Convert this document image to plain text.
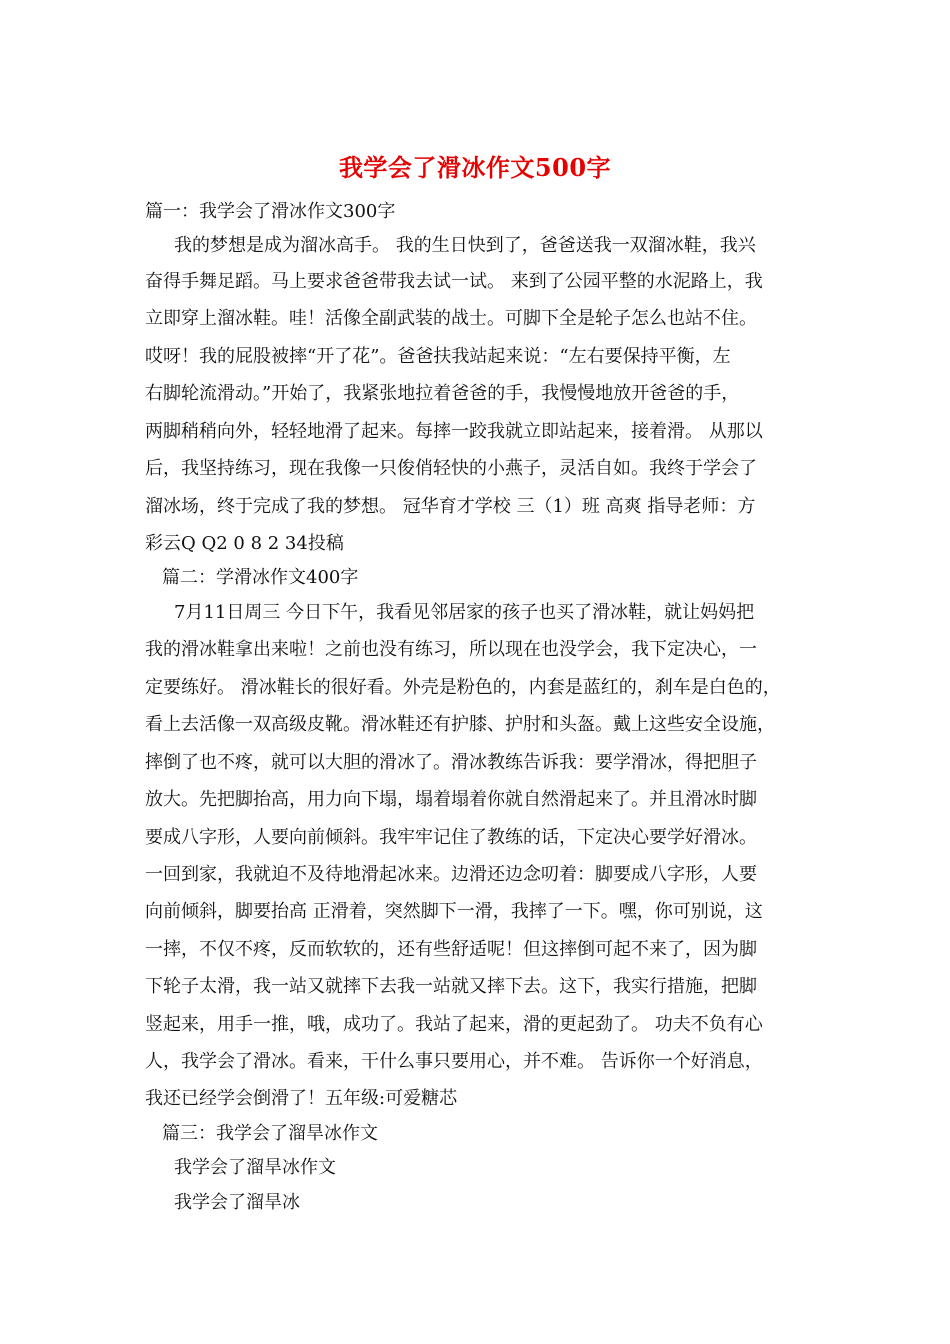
我学会了滑冰作文500字
篇一：我学会了滑冰作文300字
我的梦想是成为溜冰高手。 我的生日快到了，爸爸送我一双溜冰鞋，我兴
奋得手舞足蹈。马上要求爸爸带我去试一试。 来到了公园平整的水泥路上，我
立即穿上溜冰鞋。哇！活像全副武装的战士。可脚下全是轮子怎么也站不住。
哎呀！我的屁股被摔“开了花”。爸爸扶我站起来说：“左右要保持平衡，左
右脚轮流滑动。”开始了，我紧张地拉着爸爸的手，我慢慢地放开爸爸的手，
两脚稍稍向外，轻轻地滑了起来。每摔一跤我就立即站起来，接着滑。 从那以
后，我坚持练习，现在我像一只俊俏轻快的小燕子，灵活自如。我终于学会了
溜冰场，终于完成了我的梦想。 冠华育才学校 三（1）班 高爽 指导老师：方
彩云Q Q2 0 8 2 34投稿
篇二：学滑冰作文400字
7月11日周三 今日下午，我看见邻居家的孩子也买了滑冰鞋，就让妈妈把
我的滑冰鞋拿出来啦！之前也没有练习，所以现在也没学会，我下定决心，一
定要练好。 滑冰鞋长的很好看。外壳是粉色的，内套是蓝红的，刹车是白色的，
看上去活像一双高级皮靴。滑冰鞋还有护膝、护肘和头盔。戴上这些安全设施，
摔倒了也不疼，就可以大胆的滑冰了。滑冰教练告诉我：要学滑冰，得把胆子
放大。先把脚抬高，用力向下塌，塌着塌着你就自然滑起来了。并且滑冰时脚
要成八字形，人要向前倾斜。我牢牢记住了教练的话，下定决心要学好滑冰。
一回到家，我就迫不及待地滑起冰来。边滑还边念叨着：脚要成八字形，人要
向前倾斜，脚要抬高 正滑着，突然脚下一滑，我摔了一下。嘿，你可别说，这
一摔，不仅不疼，反而软软的，还有些舒适呢！但这摔倒可起不来了，因为脚
下轮子太滑，我一站又就摔下去我一站就又摔下去。这下，我实行措施，把脚
竖起来，用手一推，哦，成功了。我站了起来，滑的更起劲了。 功夫不负有心
人，我学会了滑冰。看来，干什么事只要用心，并不难。 告诉你一个好消息，
我还已经学会倒滑了！五年级:可爱糖芯
篇三：我学会了溜旱冰作文
我学会了溜旱冰作文
我学会了溜旱冰
